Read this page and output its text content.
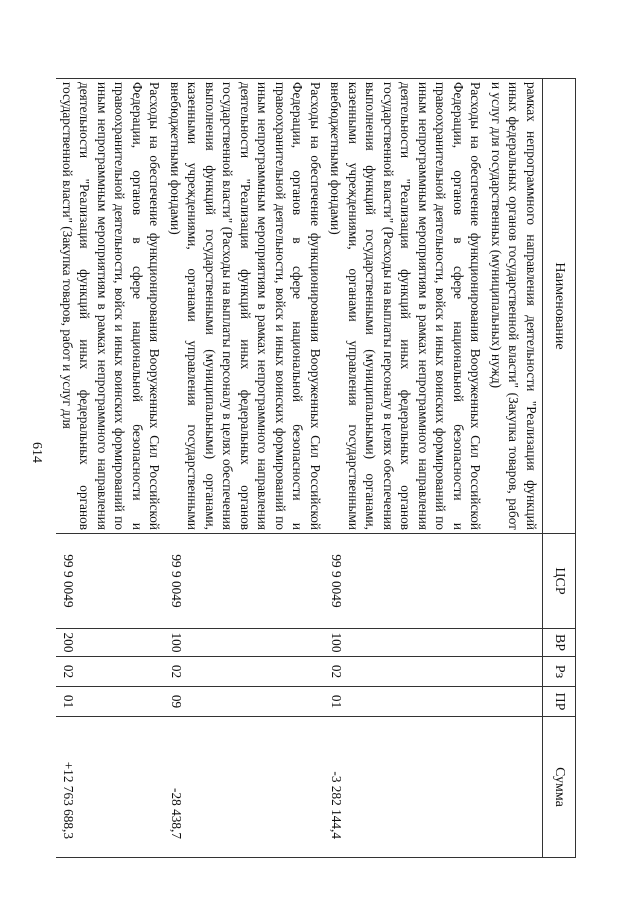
Наименование	ЦСР	ВР	Рз	ПР	Сумма
рамках непрограммного направления деятельности "Реализация функций иных федеральных органов государственной власти" (Закупка товаров, работ и услуг для государственных (муниципальных) нужд)					
Расходы на обеспечение функционирования Вооруженных Сил Российской Федерации, органов в сфере национальной безопасности и правоохранительной деятельности, войск и иных воинских формирований по иным непрограммным мероприятиям в рамках непрограммного направления деятельности "Реализация функций иных федеральных органов государственной власти" (Расходы на выплаты персоналу в целях обеспечения выполнения функций государственными (муниципальными) органами, казенными учреждениями, органами управления государственными внебюджетными фондами)	99 9 0049	100	02	01	-3 282 144,4
Расходы на обеспечение функционирования Вооруженных Сил Российской Федерации, органов в сфере национальной безопасности и правоохранительной деятельности, войск и иных воинских формирований по иным непрограммным мероприятиям в рамках непрограммного направления деятельности "Реализация функций иных федеральных органов государственной власти" (Расходы на выплаты персоналу в целях обеспечения выполнения функций государственными (муниципальными) органами, казенными учреждениями, органами управления государственными внебюджетными фондами)	99 9 0049	100	02	09	-28 438,7
Расходы на обеспечение функционирования Вооруженных Сил Российской Федерации, органов в сфере национальной безопасности и правоохранительной деятельности, войск и иных воинских формирований по иным непрограммным мероприятиям в рамках непрограммного направления деятельности "Реализация функций иных федеральных органов государственной власти" (Закупка товаров, работ и услуг для	99 9 0049	200	02	01	+12 763 688,3
614
